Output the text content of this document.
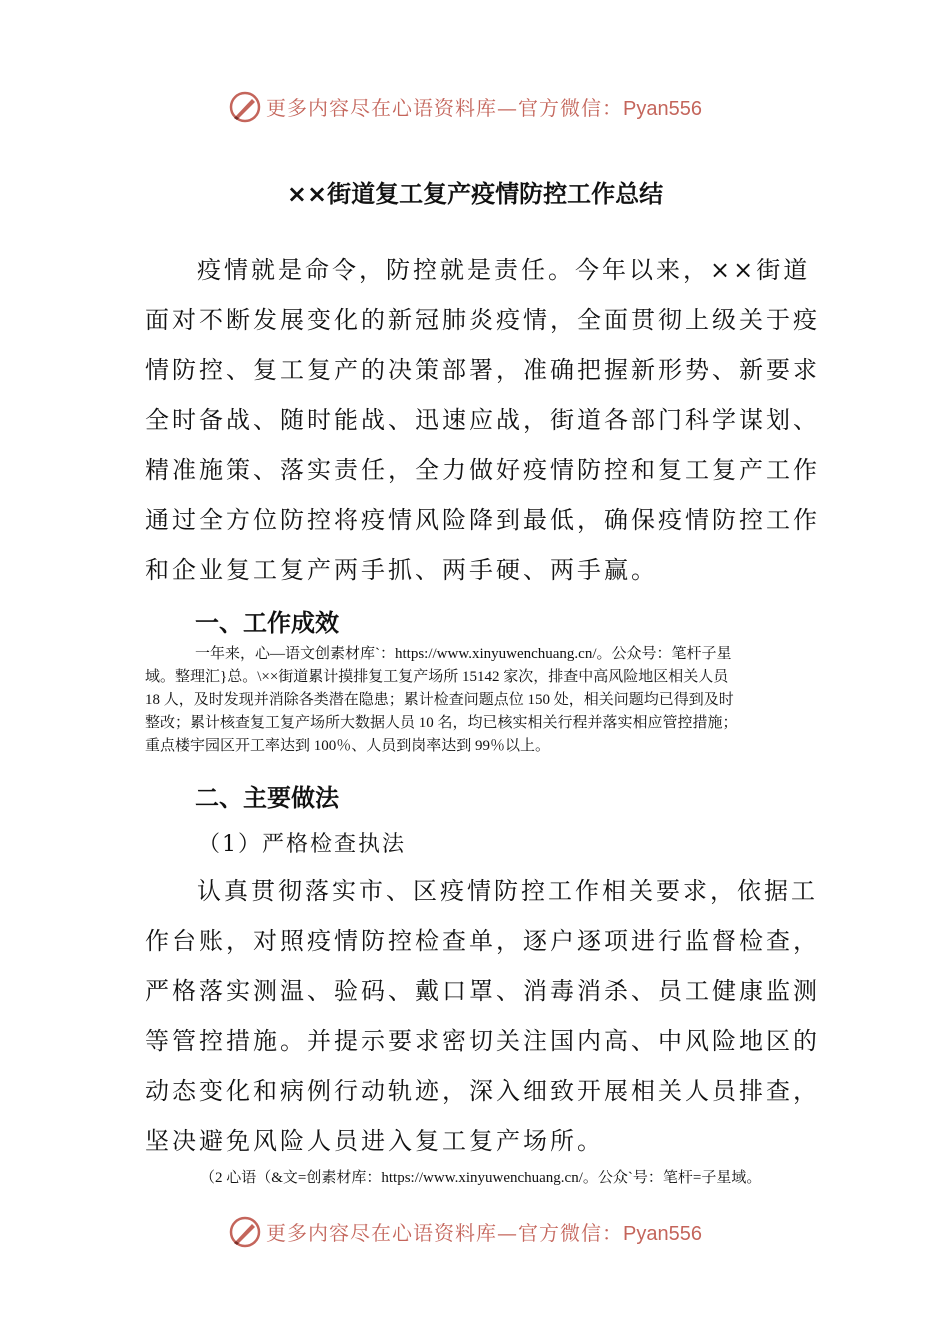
更多内容尽在心语资料库—官方微信：Pyan556
××街道复工复产疫情防控工作总结
疫情就是命令，防控就是责任。今年以来，××街道
面对不断发展变化的新冠肺炎疫情，全面贯彻上级关于疫
情防控、复工复产的决策部署，准确把握新形势、新要求
全时备战、随时能战、迅速应战，街道各部门科学谋划、
精准施策、落实责任，全力做好疫情防控和复工复产工作
通过全方位防控将疫情风险降到最低，确保疫情防控工作
和企业复工复产两手抓、两手硬、两手赢。
一、工作成效
一年来，心—语文创素材库`：https://www.xinyuwenchuang.cn/。公众号：笔杆子星
域。整理汇}总。\××街道累计摸排复工复产场所 15142 家次，排查中高风险地区相关人员
18 人，及时发现并消除各类潜在隐患；累计检查问题点位 150 处，相关问题均已得到及时
整改；累计核查复工复产场所大数据人员 10 名，均已核实相关行程并落实相应管控措施；
重点楼宇园区开工率达到 100％、人员到岗率达到 99％以上。
二、主要做法
（1）严格检查执法
认真贯彻落实市、区疫情防控工作相关要求，依据工
作台账，对照疫情防控检查单，逐户逐项进行监督检查，
严格落实测温、验码、戴口罩、消毒消杀、员工健康监测
等管控措施。并提示要求密切关注国内高、中风险地区的
动态变化和病例行动轨迹，深入细致开展相关人员排查，
坚决避免风险人员进入复工复产场所。
（2 心语（&文=创素材库：https://www.xinyuwenchuang.cn/。公众`号：笔杆=子星域。
更多内容尽在心语资料库—官方微信：Pyan556
